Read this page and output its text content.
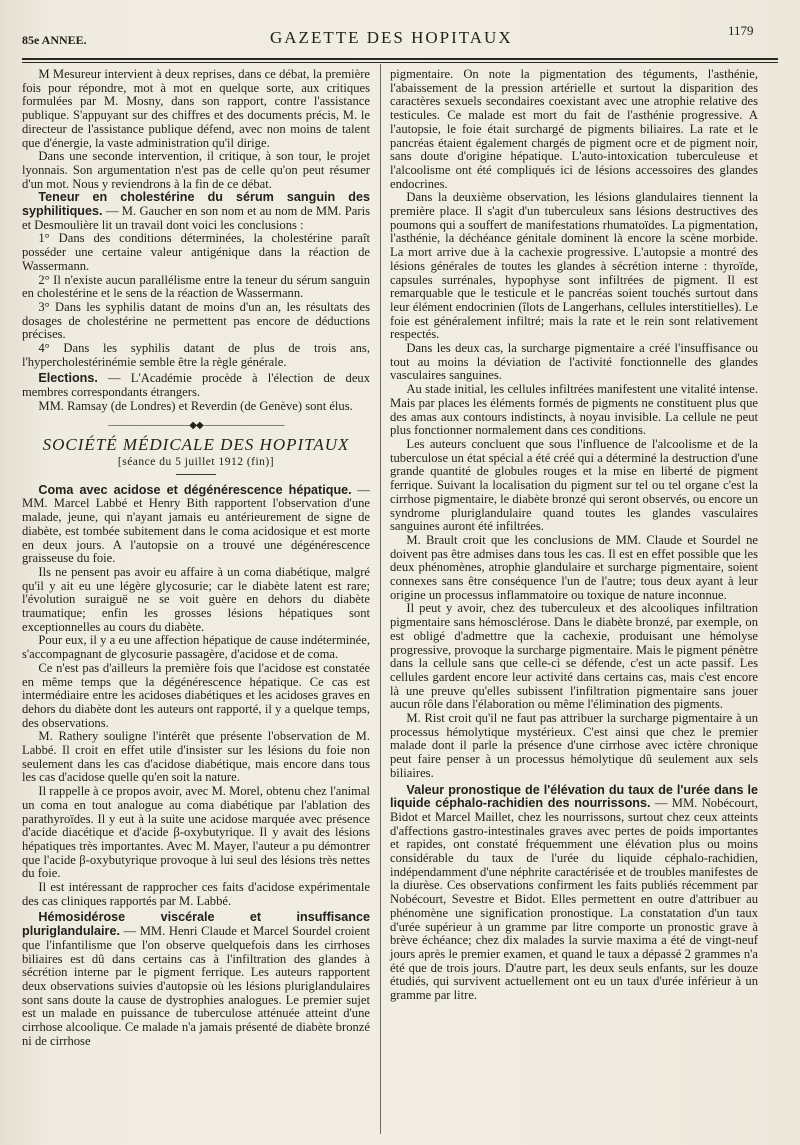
85e ANNEE.	GAZETTE DES HOPITAUX	1179

M Mesureur intervient à deux reprises, dans ce débat, la première fois pour répondre, mot à mot en quelque sorte, aux critiques formulées par M. Mosny, dans son rapport, contre l'assistance publique. S'appuyant sur des chiffres et des documents précis, M. le directeur de l'assistance publique défend, avec non moins de talent que d'énergie, la vaste administration qu'il dirige.

Dans une seconde intervention, il critique, à son tour, le projet lyonnais. Son argumentation n'est pas de celle qu'on peut résumer d'un mot. Nous y reviendrons à la fin de ce débat.

Teneur en cholestérine du sérum sanguin des syphilitiques. — M. Gaucher en son nom et au nom de MM. Paris et Desmoulière lit un travail dont voici les conclusions :

1° Dans des conditions déterminées, la cholestérine paraît posséder une certaine valeur antigénique dans la réaction de Wassermann.

2° Il n'existe aucun parallélisme entre la teneur du sérum sanguin en cholestérine et le sens de la réaction de Wassermann.

3° Dans les syphilis datant de moins d'un an, les résultats des dosages de cholestérine ne permettent pas encore de déductions précises.

4° Dans les syphilis datant de plus de trois ans, l'hypercholestérinémie semble être la règle générale.

Elections. — L'Académie procède à l'élection de deux membres correspondants étrangers.

MM. Ramsay (de Londres) et Reverdin (de Genève) sont élus.

—————————◆◆—————————
SOCIÉTÉ MÉDICALE DES HOPITAUX
[séance du 5 juillet 1912 (fin)]

Coma avec acidose et dégénérescence hépatique. — MM. Marcel Labbé et Henry Bith rapportent l'observation d'une malade, jeune, qui n'ayant jamais eu antérieurement de signe de diabète, est tombée subitement dans le coma acidosique et est morte en deux jours. A l'autopsie on a trouvé une dégénérescence graisseuse du foie.

Ils ne pensent pas avoir eu affaire à un coma diabétique, malgré qu'il y ait eu une légère glycosurie; car le diabète latent est rare; l'évolution suraiguë ne se voit guère en dehors du diabète traumatique; enfin les grosses lésions hépatiques sont exceptionnelles au cours du diabète.

Pour eux, il y a eu une affection hépatique de cause indéterminée, s'accompagnant de glycosurie passagère, d'acidose et de coma.

Ce n'est pas d'ailleurs la première fois que l'acidose est constatée en même temps que la dégénérescence hépatique. Ce cas est intermédiaire entre les acidoses diabétiques et les acidoses graves en dehors du diabète dont les auteurs ont rapporté, il y a quelque temps, des observations.

M. Rathery souligne l'intérêt que présente l'observation de M. Labbé. Il croit en effet utile d'insister sur les lésions du foie non seulement dans les cas d'acidose diabétique, mais encore dans tous les cas d'acidose quelle qu'en soit la nature.

Il rappelle à ce propos avoir, avec M. Morel, obtenu chez l'animal un coma en tout analogue au coma diabétique par l'ablation des parathyroïdes. Il y eut à la suite une acidose marquée avec présence d'acide diacétique et d'acide β-oxybutyrique. Il y avait des lésions hépatiques très importantes. Avec M. Mayer, l'auteur a pu démontrer que l'acide β-oxybutyrique provoque à lui seul des lésions très nettes du foie.

Il est intéressant de rapprocher ces faits d'acidose expérimentale des cas cliniques rapportés par M. Labbé.

Hémosidérose viscérale et insuffisance pluriglandulaire. — MM. Henri Claude et Marcel Sourdel croient que l'infantilisme que l'on observe quelquefois dans les cirrhoses biliaires est dû dans certains cas à l'infiltration des glandes à sécrétion interne par le pigment ferrique. Les auteurs rapportent deux observations suivies d'autopsie où les lésions pluriglandulaires sont sans doute la cause de dystrophies analogues. Le premier sujet est un malade en puissance de tuberculose atténuée atteint d'une cirrhose alcoolique. Ce malade n'a jamais présenté de diabète bronzé ni de cirrhose

pigmentaire. On note la pigmentation des téguments, l'asthénie, l'abaissement de la pression artérielle et surtout la disparition des caractères sexuels secondaires coexistant avec une atrophie relative des testicules. Ce malade est mort du fait de l'asthénie progressive. A l'autopsie, le foie était surchargé de pigments biliaires. La rate et le pancréas étaient également chargés de pigment ocre et de pigment noir, sans doute d'origine hépatique. L'auto-intoxication tuberculeuse et l'alcoolisme ont été compliqués ici de lésions accessoires des glandes endocrines.

Dans la deuxième observation, les lésions glandulaires tiennent la première place. Il s'agit d'un tuberculeux sans lésions destructives des poumons qui a souffert de manifestations rhumatoïdes. La pigmentation, l'asthénie, la déchéance génitale dominent là encore la scène morbide. La mort arrive due à la cachexie progressive. L'autopsie a montré des lésions générales de toutes les glandes à sécrétion interne : thyroïde, capsules surrénales, hypophyse sont infiltrées de pigment. Il est remarquable que le testicule et le pancréas soient touchés surtout dans leur élément endocrinien (îlots de Langerhans, cellules interstitielles). Le foie est généralement infiltré; mais la rate et le rein sont relativement respectés.

Dans les deux cas, la surcharge pigmentaire a créé l'insuffisance ou tout au moins la déviation de l'activité fonctionnelle des glandes vasculaires sanguines.

Au stade initial, les cellules infiltrées manifestent une vitalité intense. Mais par places les éléments formés de pigments ne constituent plus que des amas aux contours indistincts, à noyau invisible. La cellule ne peut plus fonctionner normalement dans ces conditions.

Les auteurs concluent que sous l'influence de l'alcoolisme et de la tuberculose un état spécial a été créé qui a déterminé la destruction d'une grande quantité de globules rouges et la mise en liberté de pigment ferrique. Suivant la localisation du pigment sur tel ou tel organe c'est la cirrhose pigmentaire, le diabète bronzé qui seront observés, ou encore un syndrome pluriglandulaire quand toutes les glandes vasculaires sanguines auront été infiltrées.

M. Brault croit que les conclusions de MM. Claude et Sourdel ne doivent pas être admises dans tous les cas. Il est en effet possible que les deux phénomènes, atrophie glandulaire et surcharge pigmentaire, soient connexes sans être conséquence l'un de l'autre; tous deux ayant à leur origine un processus inflammatoire ou toxique de nature inconnue.

Il peut y avoir, chez des tuberculeux et des alcooliques infiltration pigmentaire sans hémosclérose. Dans le diabète bronzé, par exemple, on est obligé d'admettre que la cachexie, produisant une hémolyse progressive, provoque la surcharge pigmentaire. Mais le pigment pénètre dans la cellule sans que celle-ci se défende, c'est un acte passif. Les cellules gardent encore leur activité dans certains cas, mais c'est encore là une preuve qu'elles subissent l'infiltration pigmentaire sans jouer aucun rôle dans l'élaboration ou même l'élimination des pigments.

M. Rist croit qu'il ne faut pas attribuer la surcharge pigmentaire à un processus hémolytique mystérieux. C'est ainsi que chez le premier malade dont il parle la présence d'une cirrhose avec ictère chronique peut faire penser à un processus hémolytique dû seulement aux sels biliaires.

Valeur pronostique de l'élévation du taux de l'urée dans le liquide céphalo-rachidien des nourrissons. — MM. Nobécourt, Bidot et Marcel Maillet, chez les nourrissons, surtout chez ceux atteints d'affections gastro-intestinales graves avec pertes de poids importantes et rapides, ont constaté fréquemment une élévation plus ou moins considérable du taux de l'urée du liquide céphalo-rachidien, indépendamment d'une néphrite caractérisée et de troubles manifestes de la diurèse. Ces observations confirment les faits publiés récemment par Nobécourt, Sevestre et Bidot. Elles permettent en outre d'attribuer au phénomène une signification pronostique. La constatation d'un taux d'urée supérieur à un gramme par litre comporte un pronostic grave à brève échéance; chez dix malades la survie maxima a été de vingt-neuf jours après le premier examen, et quand le taux a dépassé 2 grammes n'a été que de trois jours. D'autre part, les deux seuls enfants, sur les douze étudiés, qui survivent actuellement ont eu un taux d'urée inférieur à un gramme par litre.
